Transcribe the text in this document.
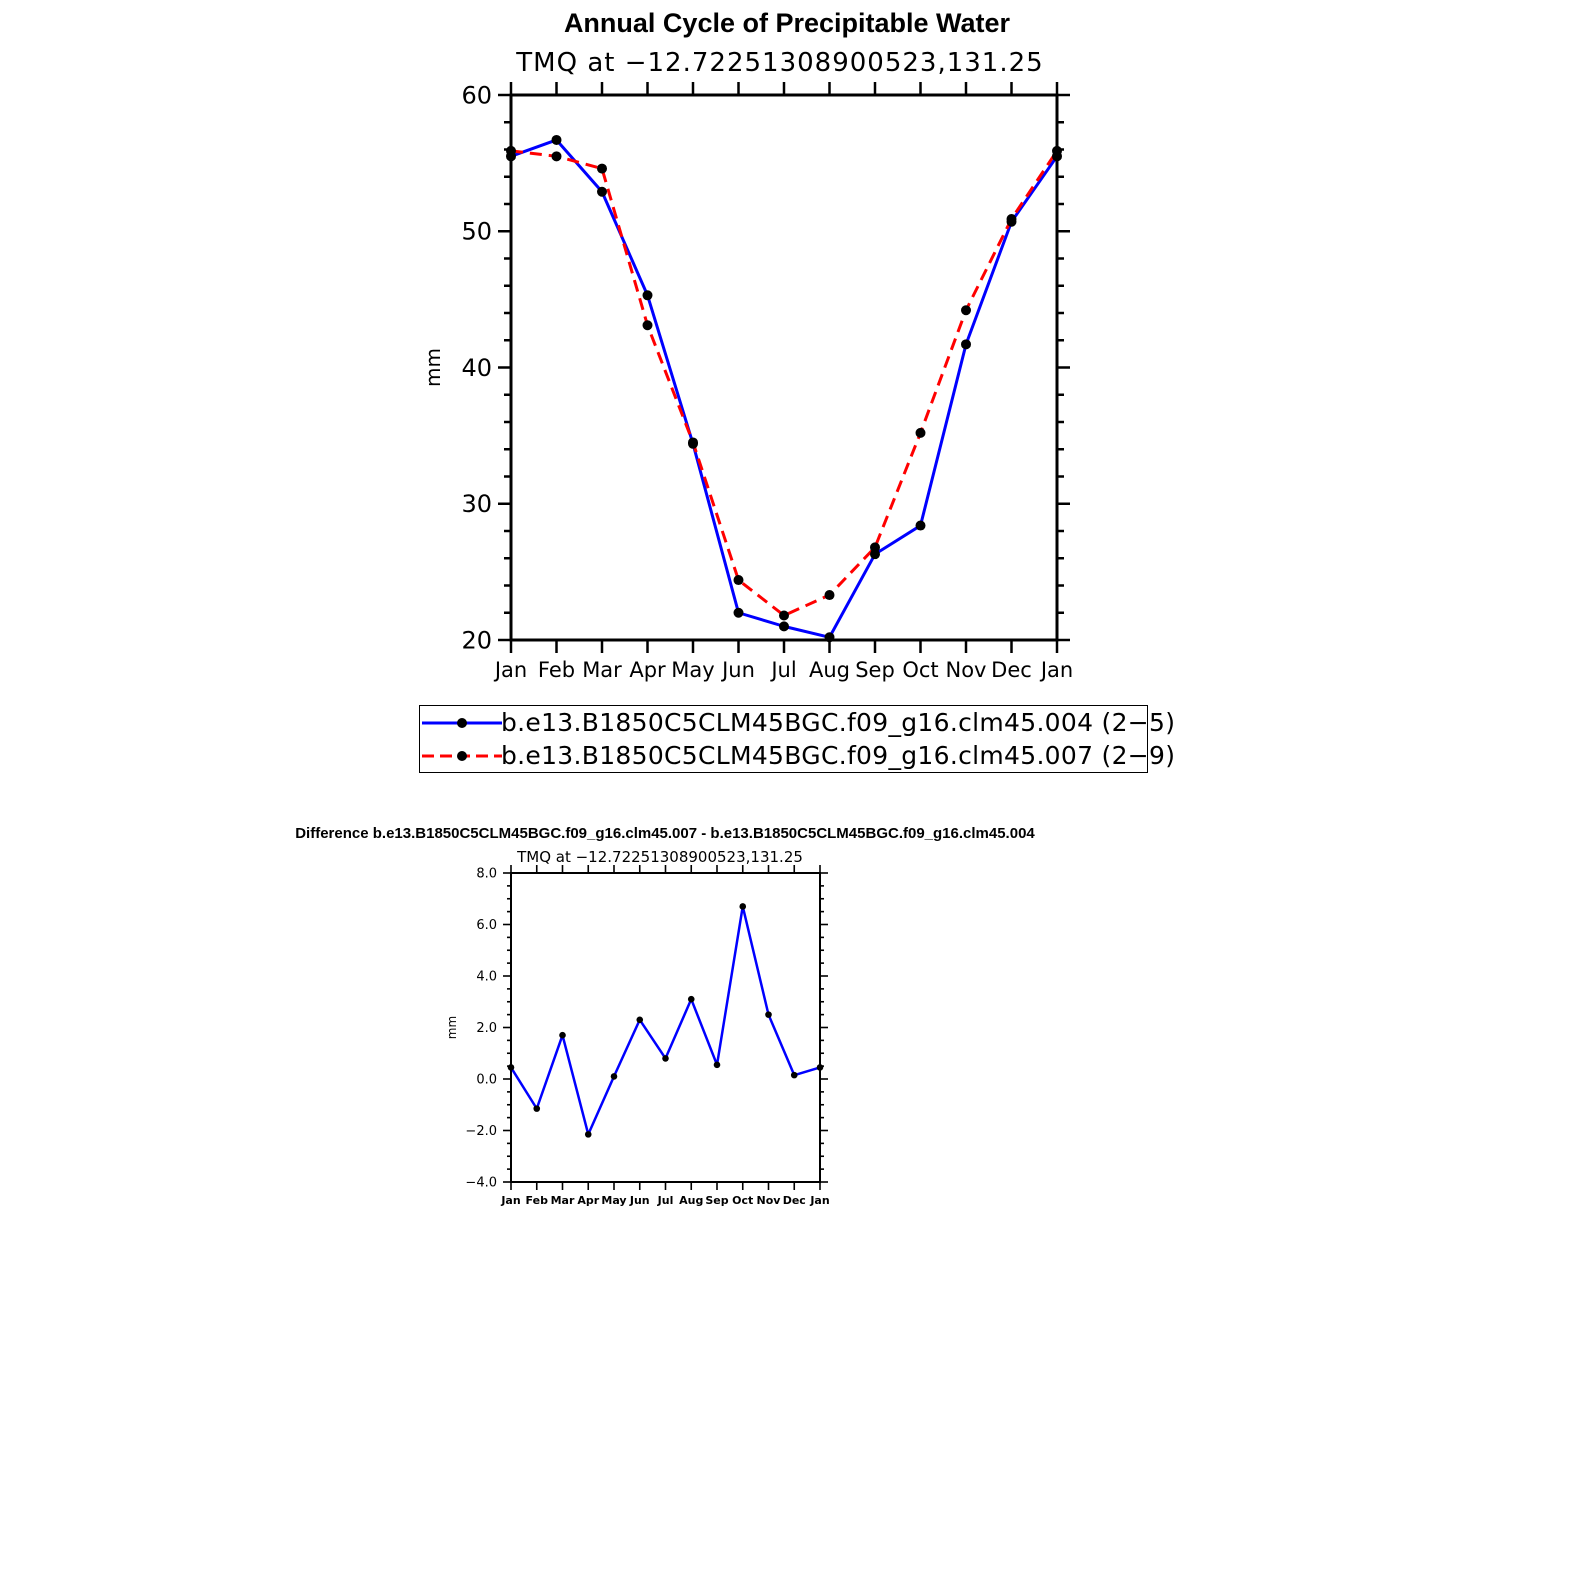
Annual Cycle of Precipitable Water
TMQ at −12.72251308900523,131.25
20
30
40
50
60
Jan Feb Mar Apr May Jun Jul Aug Sep Oct Nov Dec Jan
mm
−4.0
−2.0
0.0
2.0
4.0
6.0
8.0
Jan Feb Mar Apr May Jun Jul Aug Sep Oct Nov Dec Jan
mm
b.e13.B1850C5CLM45BGC.f09_g16.clm45.004 (2−5)
b.e13.B1850C5CLM45BGC.f09_g16.clm45.007 (2−9)
Difference b.e13.B1850C5CLM45BGC.f09_g16.clm45.007 - b.e13.B1850C5CLM45BGC.f09_g16.clm45.004
TMQ at −12.72251308900523,131.25
